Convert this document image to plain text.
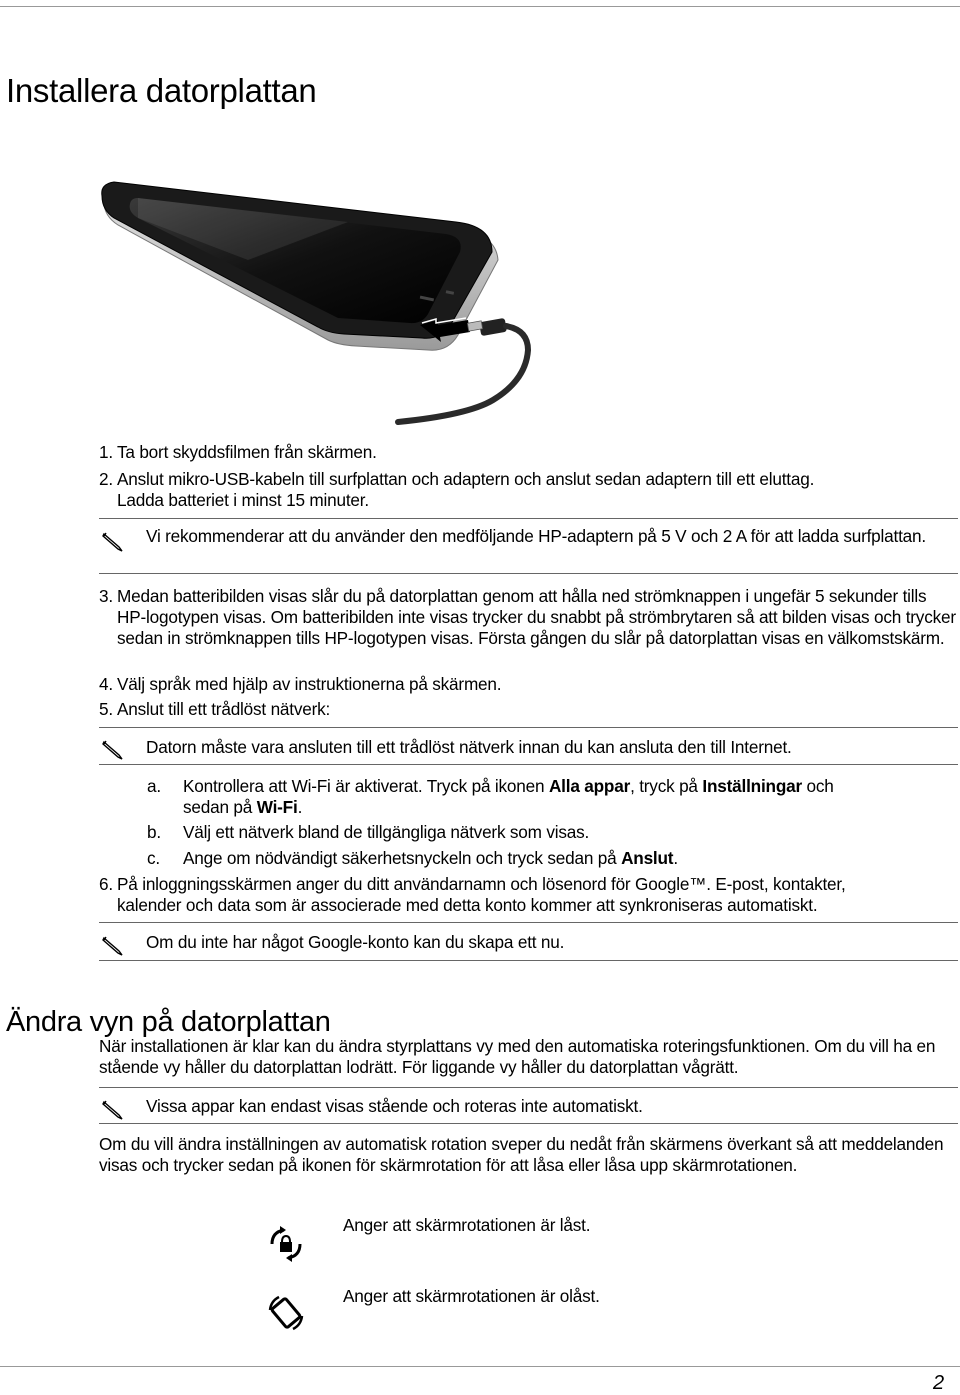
Installera datorplattan
1. Ta bort skyddsfilmen från skärmen.
2. Anslut mikro-USB-kabeln till surfplattan och adaptern och anslut sedan adaptern till ett eluttag.
Ladda batteriet i minst 15 minuter.
Vi rekommenderar att du använder den medföljande HP-adaptern på 5 V och 2 A för att ladda surfplattan.
3. Medan batteribilden visas slår du på datorplattan genom att hålla ned strömknappen i ungefär 5 sekunder tills HP-logotypen visas. Om batteribilden inte visas trycker du snabbt på strömbrytaren så att bilden visas och trycker sedan in strömknappen tills HP-logotypen visas. Första gången du slår på datorplattan visas en välkomstskärm.
4. Välj språk med hjälp av instruktionerna på skärmen.
5. Anslut till ett trådlöst nätverk:
Datorn måste vara ansluten till ett trådlöst nätverk innan du kan ansluta den till Internet.
a. Kontrollera att Wi-Fi är aktiverat. Tryck på ikonen Alla appar, tryck på Inställningar och
sedan på Wi-Fi.
b. Välj ett nätverk bland de tillgängliga nätverk som visas.
c. Ange om nödvändigt säkerhetsnyckeln och tryck sedan på Anslut.
6. På inloggningsskärmen anger du ditt användarnamn och lösenord för Google™. E-post, kontakter,
kalender och data som är associerade med detta konto kommer att synkroniseras automatiskt.
Om du inte har något Google-konto kan du skapa ett nu.
Ändra vyn på datorplattan
När installationen är klar kan du ändra styrplattans vy med den automatiska roteringsfunktionen. Om du vill ha en stående vy håller du datorplattan lodrätt. För liggande vy håller du datorplattan vågrätt.
Vissa appar kan endast visas stående och roteras inte automatiskt.
Om du vill ändra inställningen av automatisk rotation sveper du nedåt från skärmens överkant så att meddelanden visas och trycker sedan på ikonen för skärmrotation för att låsa eller låsa upp skärmrotationen.
Anger att skärmrotationen är låst.
Anger att skärmrotationen är olåst.
2
